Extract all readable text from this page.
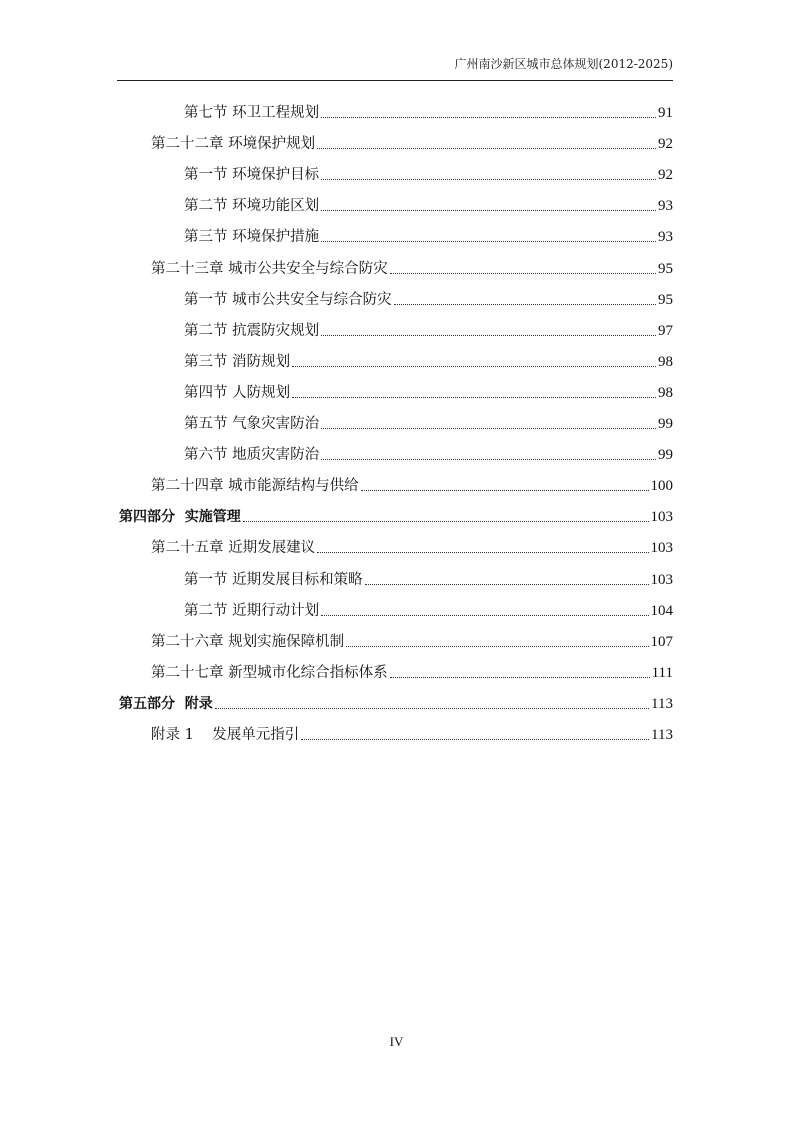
广州南沙新区城市总体规划(2012-2025)
第七节 环卫工程规划	91
第二十二章 环境保护规划	92
第一节 环境保护目标	92
第二节 环境功能区划	93
第三节 环境保护措施	93
第二十三章 城市公共安全与综合防灾	95
第一节 城市公共安全与综合防灾	95
第二节 抗震防灾规划	97
第三节 消防规划	98
第四节 人防规划	98
第五节 气象灾害防治	99
第六节 地质灾害防治	99
第二十四章 城市能源结构与供给	100
第四部分 实施管理	103
第二十五章 近期发展建议	103
第一节 近期发展目标和策略	103
第二节 近期行动计划	104
第二十六章 规划实施保障机制	107
第二十七章 新型城市化综合指标体系	111
第五部分 附录	113
附录 1 发展单元指引	113
IV
